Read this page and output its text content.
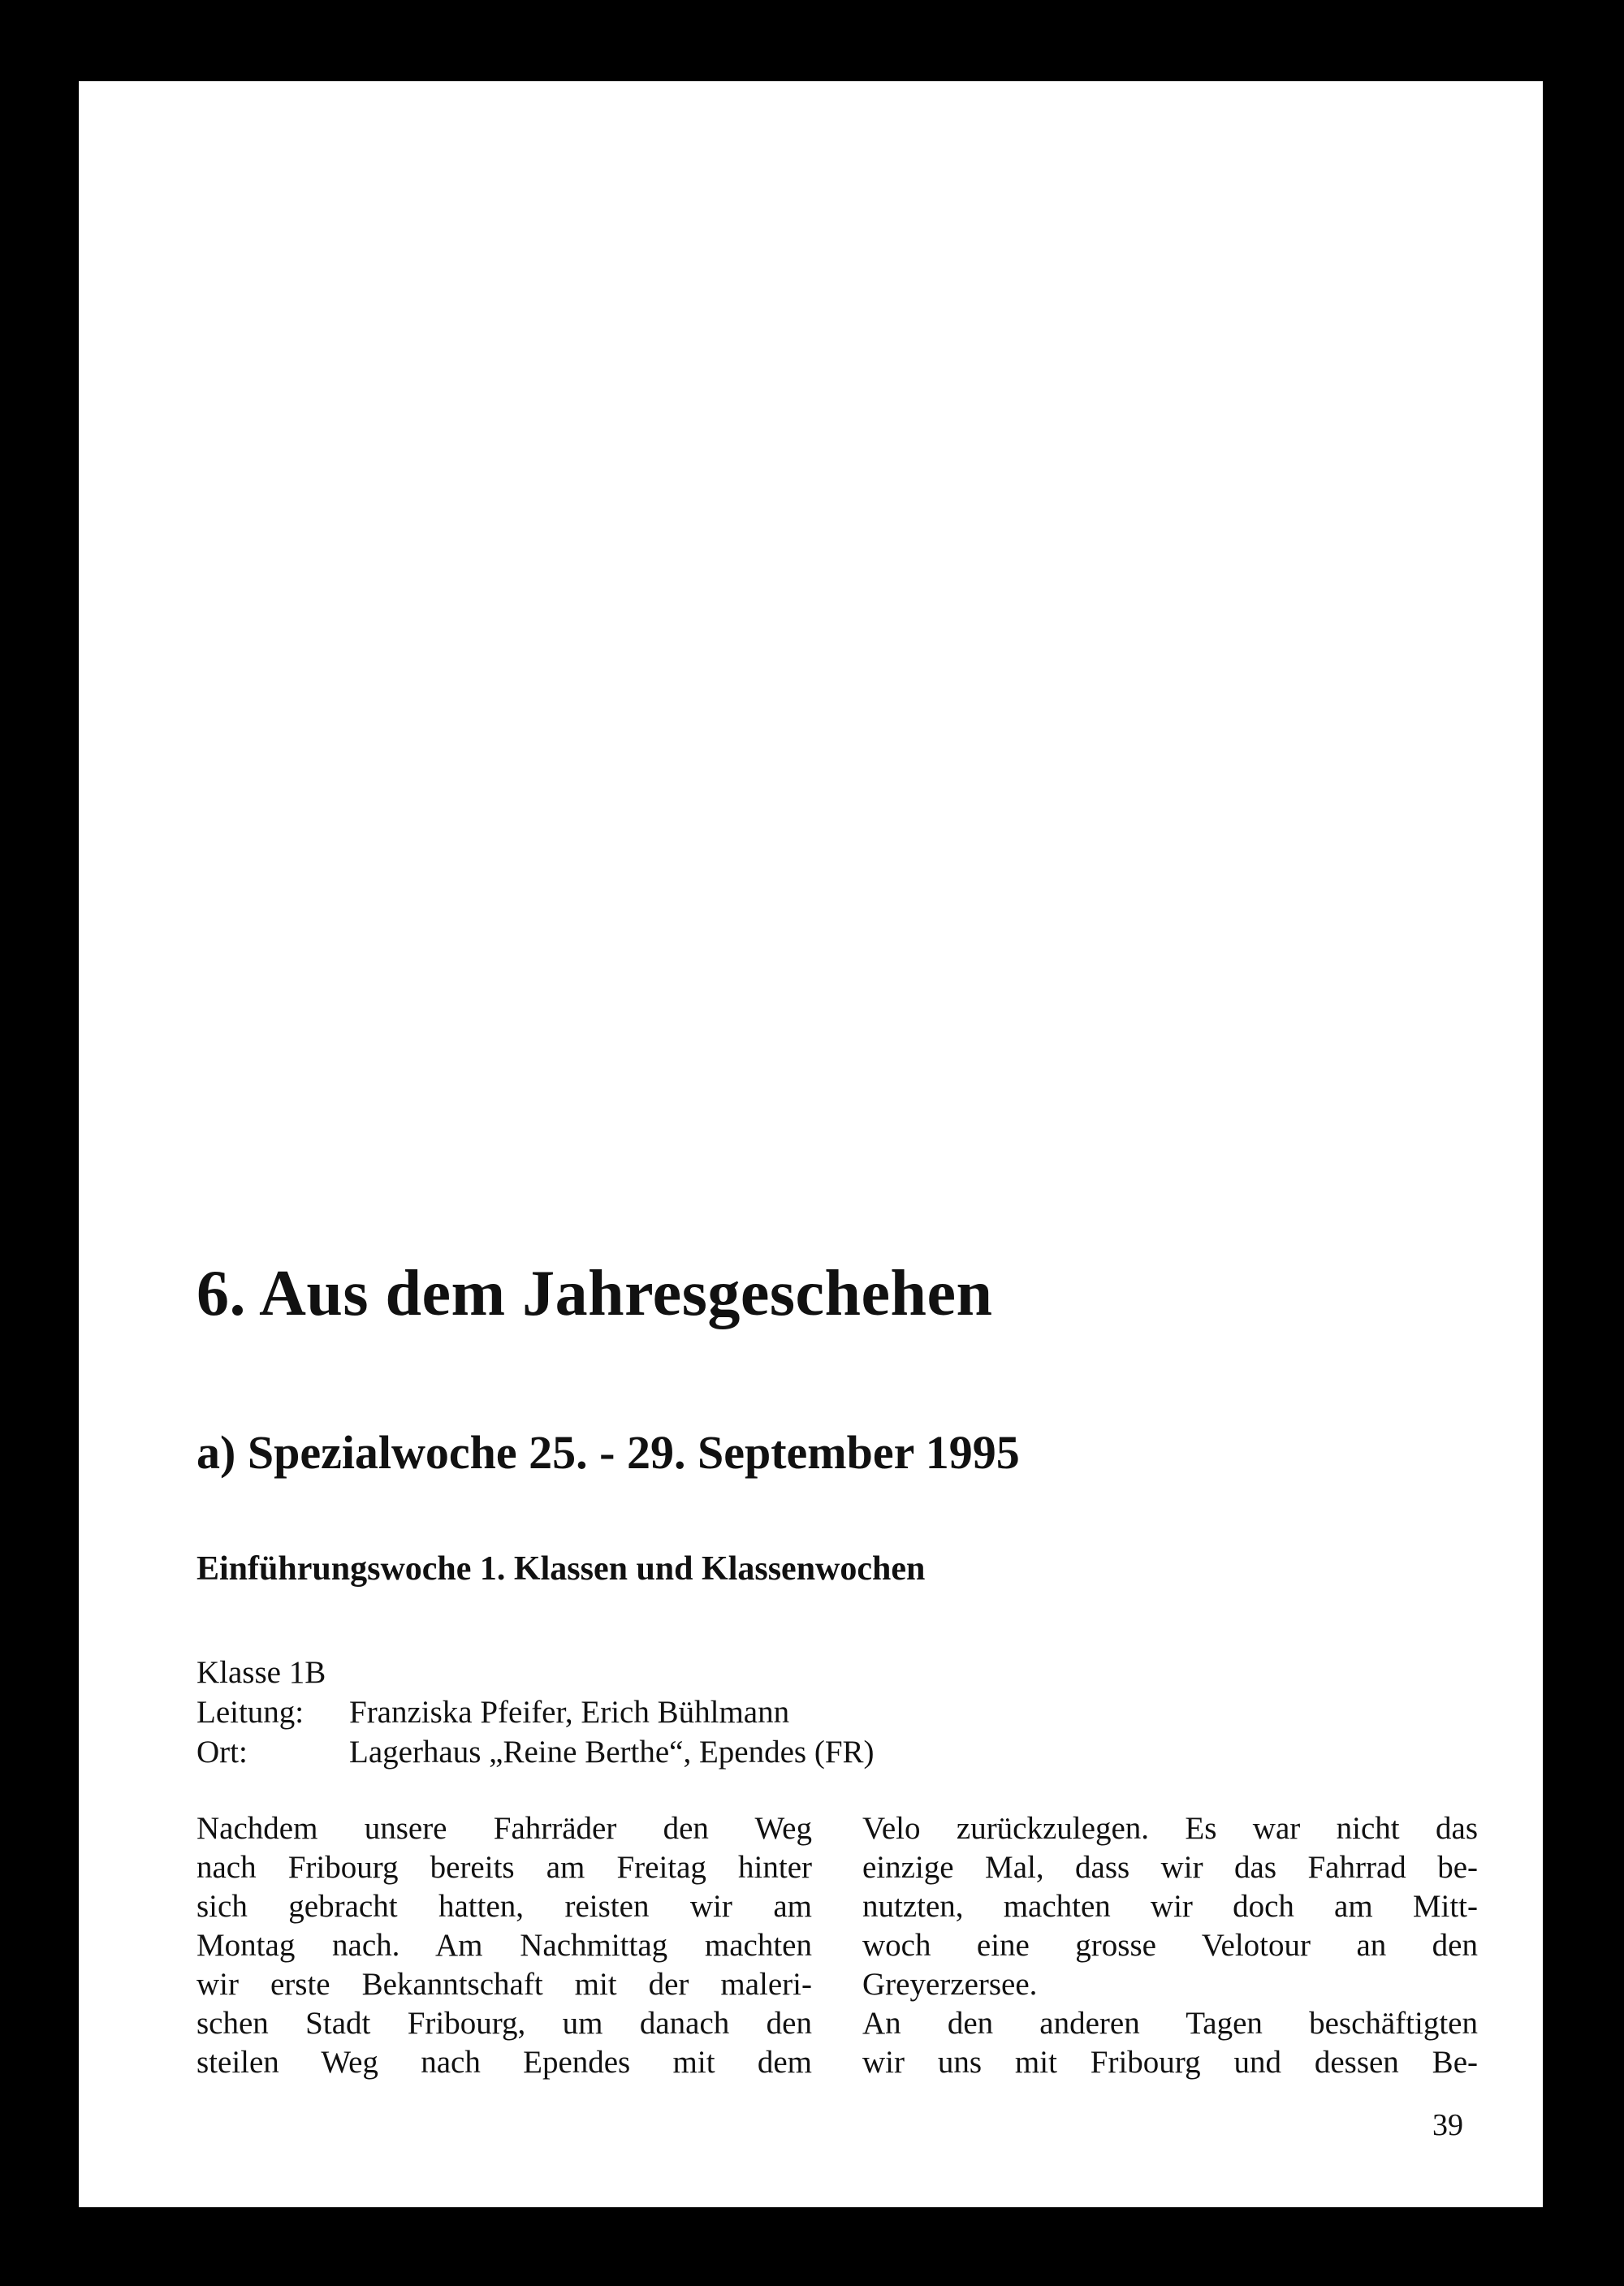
6. Aus dem Jahresgeschehen
a) Spezialwoche 25. - 29. September 1995
Einführungswoche 1. Klassen und Klassenwochen
Klasse 1B
Leitung:	Franziska Pfeifer, Erich Bühlmann
Ort:	Lagerhaus „Reine Berthe“, Ependes (FR)
Nachdem unsere Fahrräder den Weg
nach Fribourg bereits am Freitag hinter
sich gebracht hatten, reisten wir am
Montag nach. Am Nachmittag machten
wir erste Bekanntschaft mit der maleri-
schen Stadt Fribourg, um danach den
steilen Weg nach Ependes mit dem
Velo zurückzulegen. Es war nicht das
einzige Mal, dass wir das Fahrrad be-
nutzten, machten wir doch am Mitt-
woch eine grosse Velotour an den
Greyerzersee.
An den anderen Tagen beschäftigten
wir uns mit Fribourg und dessen Be-
39
